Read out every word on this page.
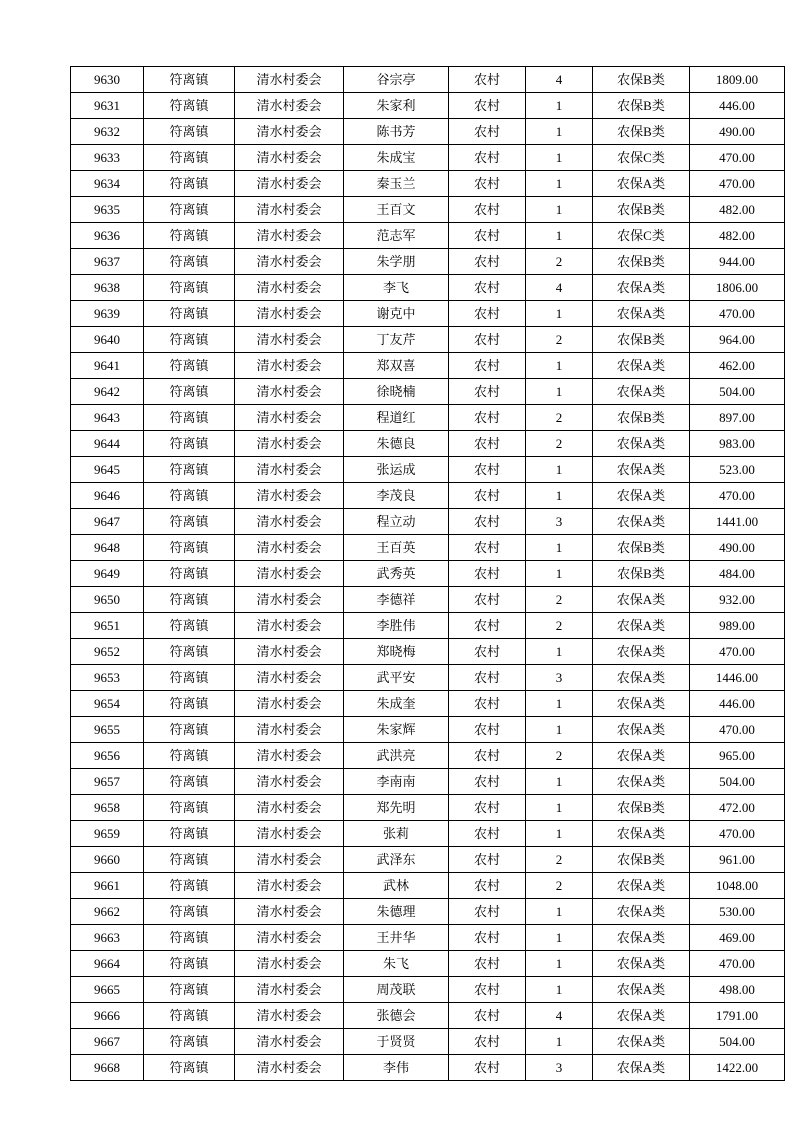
9630	符离镇	清水村委会	谷宗亭	农村	4	农保B类	1809.00
9631	符离镇	清水村委会	朱家利	农村	1	农保B类	446.00
9632	符离镇	清水村委会	陈书芳	农村	1	农保B类	490.00
9633	符离镇	清水村委会	朱成宝	农村	1	农保C类	470.00
9634	符离镇	清水村委会	秦玉兰	农村	1	农保A类	470.00
9635	符离镇	清水村委会	王百文	农村	1	农保B类	482.00
9636	符离镇	清水村委会	范志军	农村	1	农保C类	482.00
9637	符离镇	清水村委会	朱学朋	农村	2	农保B类	944.00
9638	符离镇	清水村委会	李飞	农村	4	农保A类	1806.00
9639	符离镇	清水村委会	谢克中	农村	1	农保A类	470.00
9640	符离镇	清水村委会	丁友芹	农村	2	农保B类	964.00
9641	符离镇	清水村委会	郑双喜	农村	1	农保A类	462.00
9642	符离镇	清水村委会	徐晓楠	农村	1	农保A类	504.00
9643	符离镇	清水村委会	程道红	农村	2	农保B类	897.00
9644	符离镇	清水村委会	朱德良	农村	2	农保A类	983.00
9645	符离镇	清水村委会	张运成	农村	1	农保A类	523.00
9646	符离镇	清水村委会	李茂良	农村	1	农保A类	470.00
9647	符离镇	清水村委会	程立动	农村	3	农保A类	1441.00
9648	符离镇	清水村委会	王百英	农村	1	农保B类	490.00
9649	符离镇	清水村委会	武秀英	农村	1	农保B类	484.00
9650	符离镇	清水村委会	李德祥	农村	2	农保A类	932.00
9651	符离镇	清水村委会	李胜伟	农村	2	农保A类	989.00
9652	符离镇	清水村委会	郑晓梅	农村	1	农保A类	470.00
9653	符离镇	清水村委会	武平安	农村	3	农保A类	1446.00
9654	符离镇	清水村委会	朱成奎	农村	1	农保A类	446.00
9655	符离镇	清水村委会	朱家辉	农村	1	农保A类	470.00
9656	符离镇	清水村委会	武洪亮	农村	2	农保A类	965.00
9657	符离镇	清水村委会	李南南	农村	1	农保A类	504.00
9658	符离镇	清水村委会	郑先明	农村	1	农保B类	472.00
9659	符离镇	清水村委会	张莉	农村	1	农保A类	470.00
9660	符离镇	清水村委会	武泽东	农村	2	农保B类	961.00
9661	符离镇	清水村委会	武林	农村	2	农保A类	1048.00
9662	符离镇	清水村委会	朱德理	农村	1	农保A类	530.00
9663	符离镇	清水村委会	王井华	农村	1	农保A类	469.00
9664	符离镇	清水村委会	朱飞	农村	1	农保A类	470.00
9665	符离镇	清水村委会	周茂联	农村	1	农保A类	498.00
9666	符离镇	清水村委会	张德会	农村	4	农保A类	1791.00
9667	符离镇	清水村委会	于贤贤	农村	1	农保A类	504.00
9668	符离镇	清水村委会	李伟	农村	3	农保A类	1422.00
